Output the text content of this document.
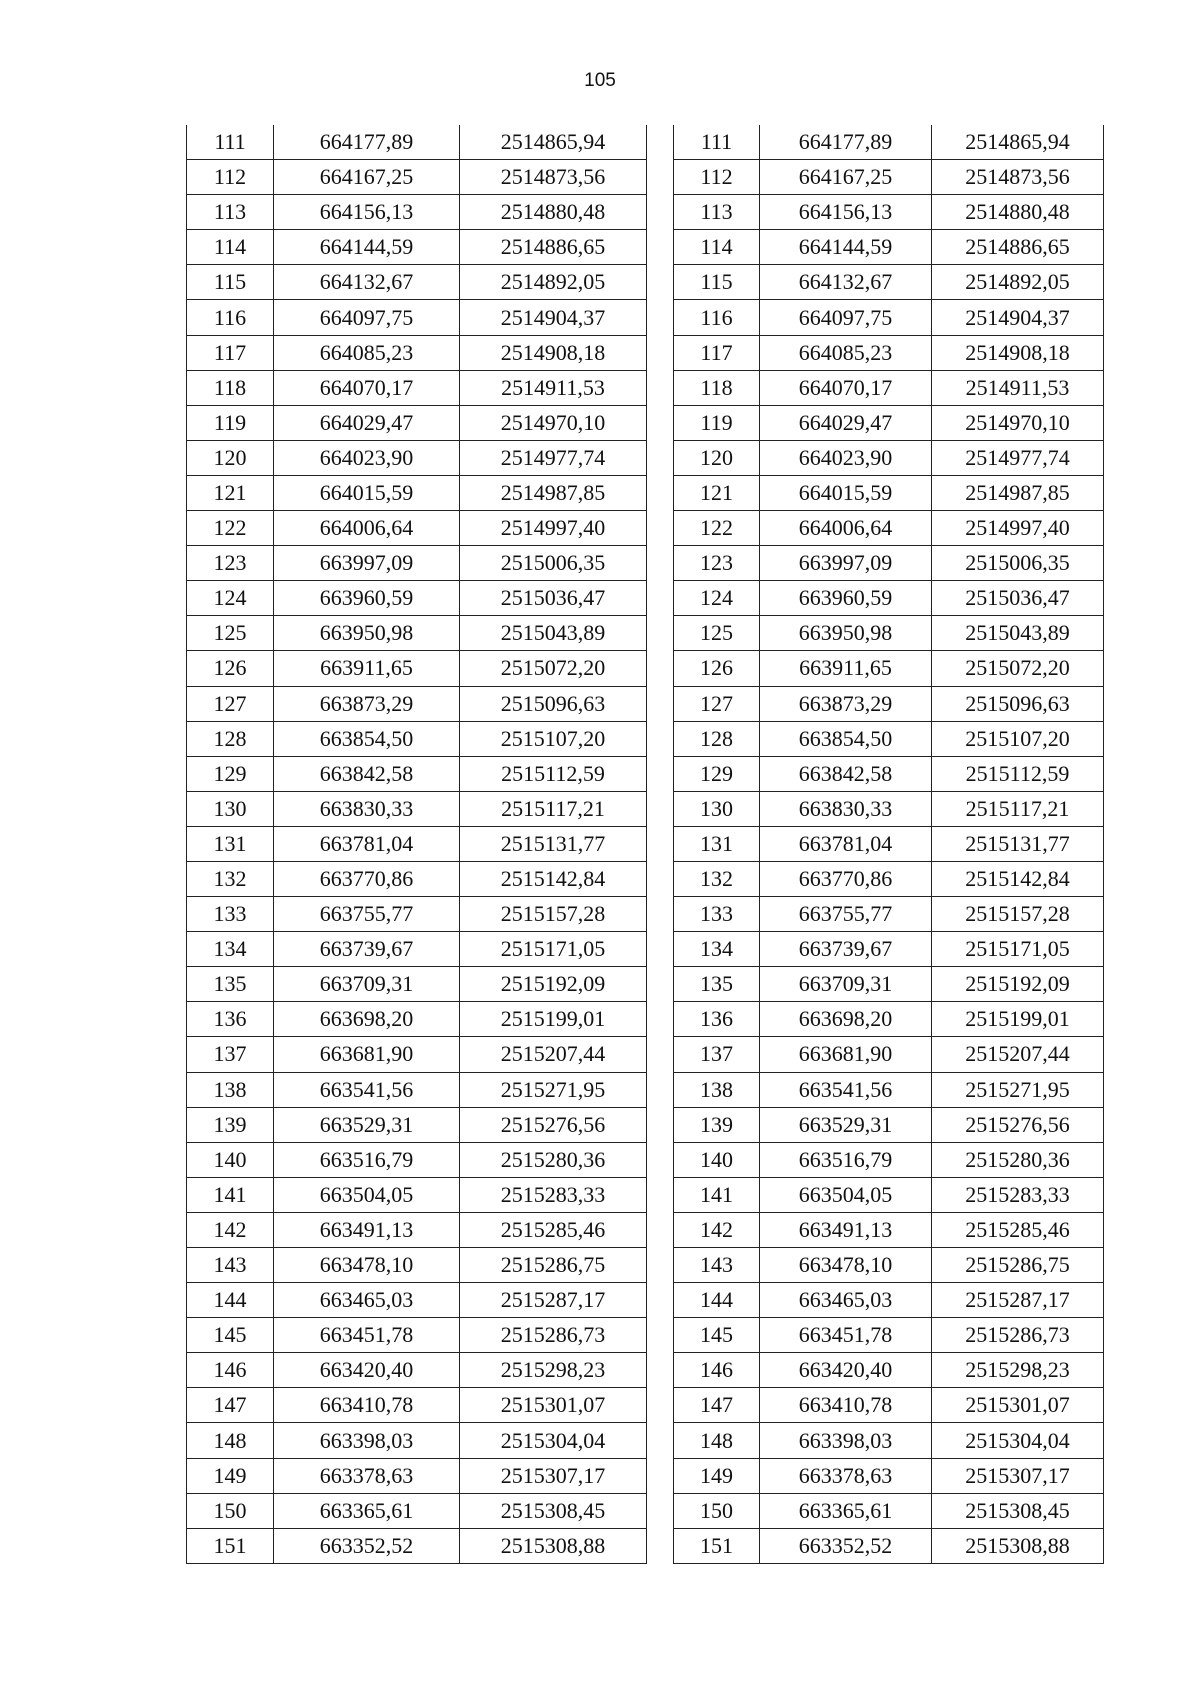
105
111	664177,89	2514865,94
112	664167,25	2514873,56
113	664156,13	2514880,48
114	664144,59	2514886,65
115	664132,67	2514892,05
116	664097,75	2514904,37
117	664085,23	2514908,18
118	664070,17	2514911,53
119	664029,47	2514970,10
120	664023,90	2514977,74
121	664015,59	2514987,85
122	664006,64	2514997,40
123	663997,09	2515006,35
124	663960,59	2515036,47
125	663950,98	2515043,89
126	663911,65	2515072,20
127	663873,29	2515096,63
128	663854,50	2515107,20
129	663842,58	2515112,59
130	663830,33	2515117,21
131	663781,04	2515131,77
132	663770,86	2515142,84
133	663755,77	2515157,28
134	663739,67	2515171,05
135	663709,31	2515192,09
136	663698,20	2515199,01
137	663681,90	2515207,44
138	663541,56	2515271,95
139	663529,31	2515276,56
140	663516,79	2515280,36
141	663504,05	2515283,33
142	663491,13	2515285,46
143	663478,10	2515286,75
144	663465,03	2515287,17
145	663451,78	2515286,73
146	663420,40	2515298,23
147	663410,78	2515301,07
148	663398,03	2515304,04
149	663378,63	2515307,17
150	663365,61	2515308,45
151	663352,52	2515308,88
111	664177,89	2514865,94
112	664167,25	2514873,56
113	664156,13	2514880,48
114	664144,59	2514886,65
115	664132,67	2514892,05
116	664097,75	2514904,37
117	664085,23	2514908,18
118	664070,17	2514911,53
119	664029,47	2514970,10
120	664023,90	2514977,74
121	664015,59	2514987,85
122	664006,64	2514997,40
123	663997,09	2515006,35
124	663960,59	2515036,47
125	663950,98	2515043,89
126	663911,65	2515072,20
127	663873,29	2515096,63
128	663854,50	2515107,20
129	663842,58	2515112,59
130	663830,33	2515117,21
131	663781,04	2515131,77
132	663770,86	2515142,84
133	663755,77	2515157,28
134	663739,67	2515171,05
135	663709,31	2515192,09
136	663698,20	2515199,01
137	663681,90	2515207,44
138	663541,56	2515271,95
139	663529,31	2515276,56
140	663516,79	2515280,36
141	663504,05	2515283,33
142	663491,13	2515285,46
143	663478,10	2515286,75
144	663465,03	2515287,17
145	663451,78	2515286,73
146	663420,40	2515298,23
147	663410,78	2515301,07
148	663398,03	2515304,04
149	663378,63	2515307,17
150	663365,61	2515308,45
151	663352,52	2515308,88
